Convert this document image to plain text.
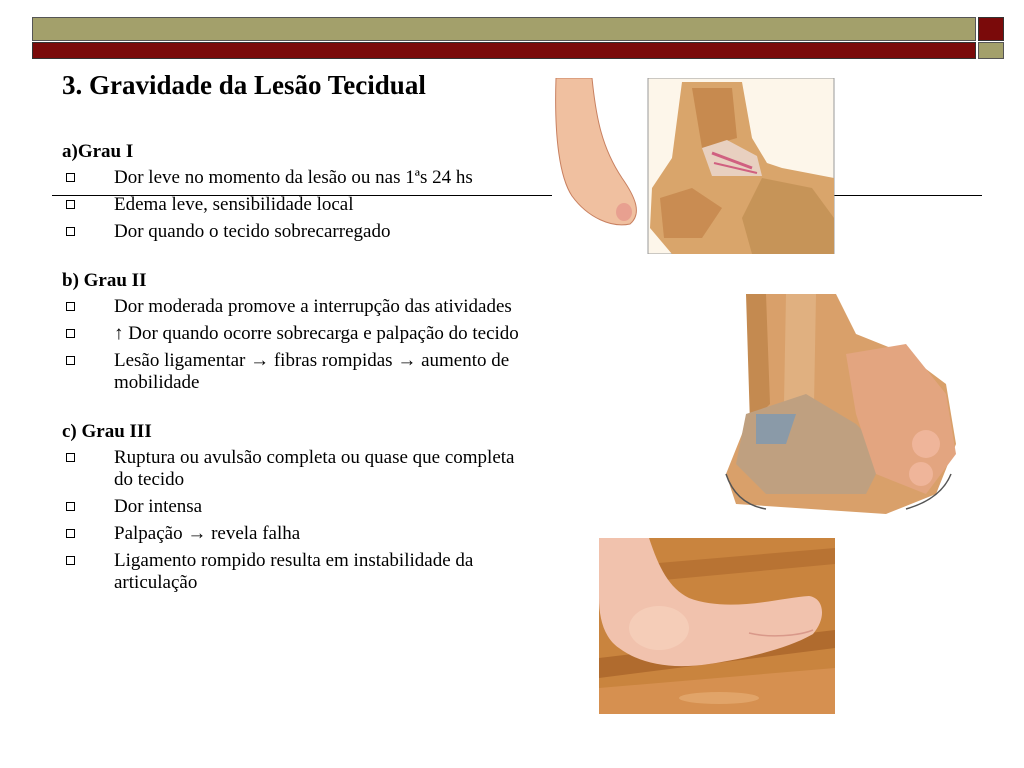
3. Gravidade da Lesão Tecidual
a)Grau I
Dor leve no momento da lesão ou nas 1ªs 24 hs
Edema leve, sensibilidade local
Dor quando o tecido sobrecarregado
b) Grau II
Dor moderada promove a interrupção das atividades
↑ Dor quando ocorre sobrecarga e palpação do tecido
Lesão ligamentar → fibras rompidas → aumento de mobilidade
c) Grau III
Ruptura ou avulsão completa ou quase que completa do tecido
Dor intensa
Palpação → revela falha
Ligamento rompido resulta em instabilidade da articulação
